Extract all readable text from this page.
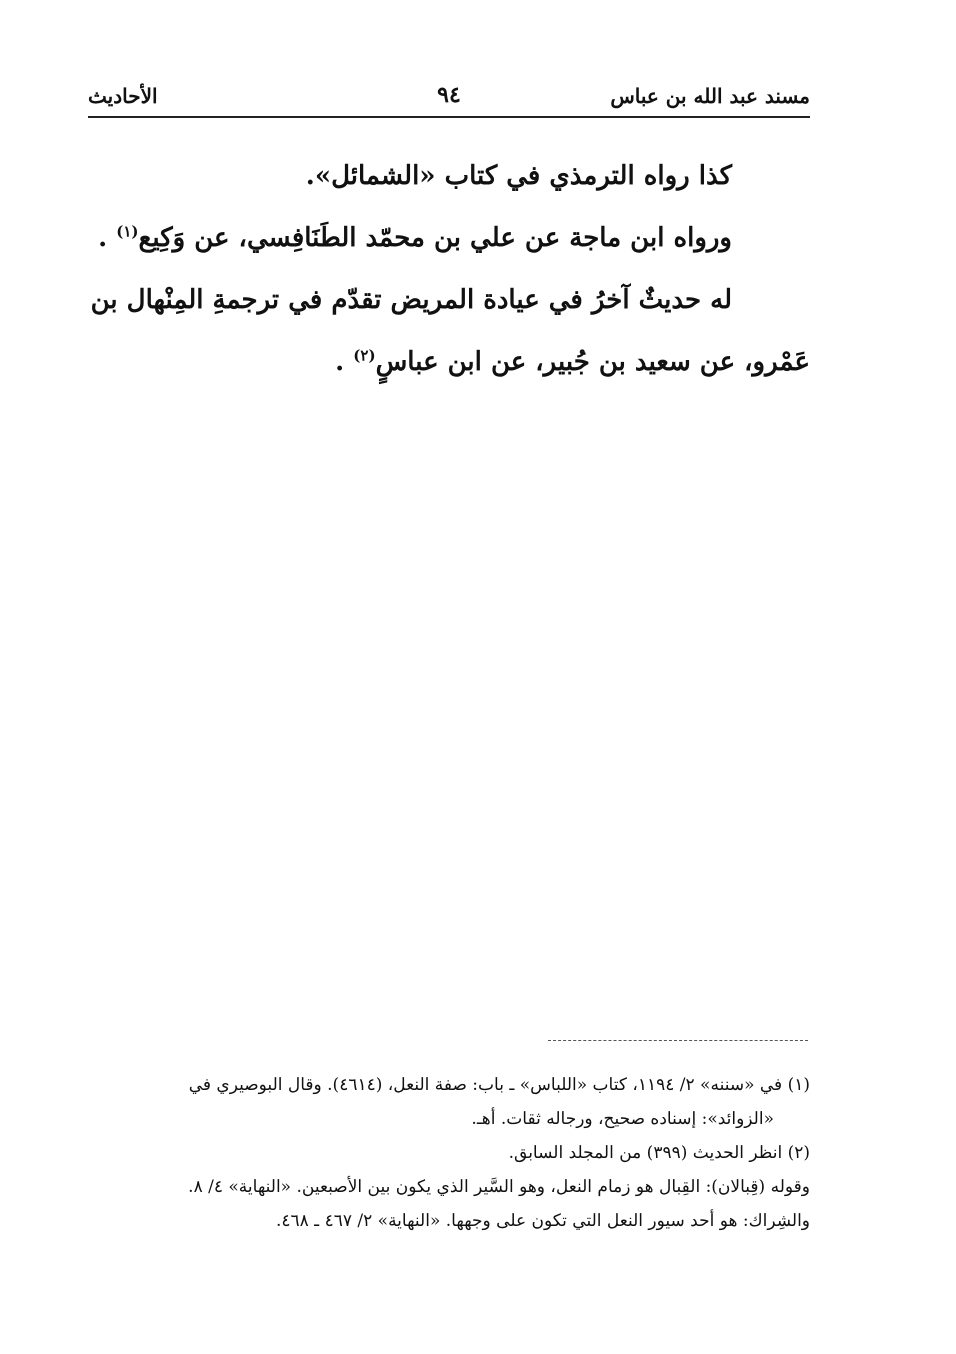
مسند عبد الله بن عباس
٩٤
الأحاديث

كذا رواه الترمذي في كتاب «الشمائل».

ورواه ابن ماجة عن علي بن محمّد الطَنَافِسي، عن وَكِيع$^{(١)}$ .

له حديثٌ آخرُ في عيادة المريض تقدّم في ترجمةِ المِنْهال بن عَمْرو، عن سعيد بن جُبير، عن ابن عباسٍ$^{(٢)}$ .

(١) في «سننه» ٢/ ١١٩٤، كتاب «اللباس» ـ باب: صفة النعل، (٤٦١٤). وقال البوصيري في

«الزوائد»: إسناده صحيح، ورجاله ثقات. أهـ.

(٢) انظر الحديث (٣٩٩) من المجلد السابق.

وقوله (قِبالان): القِبال هو زمام النعل، وهو السَّير الذي يكون بين الأصبعين. «النهاية» ٤/ ٨.

والشِراك: هو أحد سيور النعل التي تكون على وجهها. «النهاية» ٢/ ٤٦٧ ـ ٤٦٨.
